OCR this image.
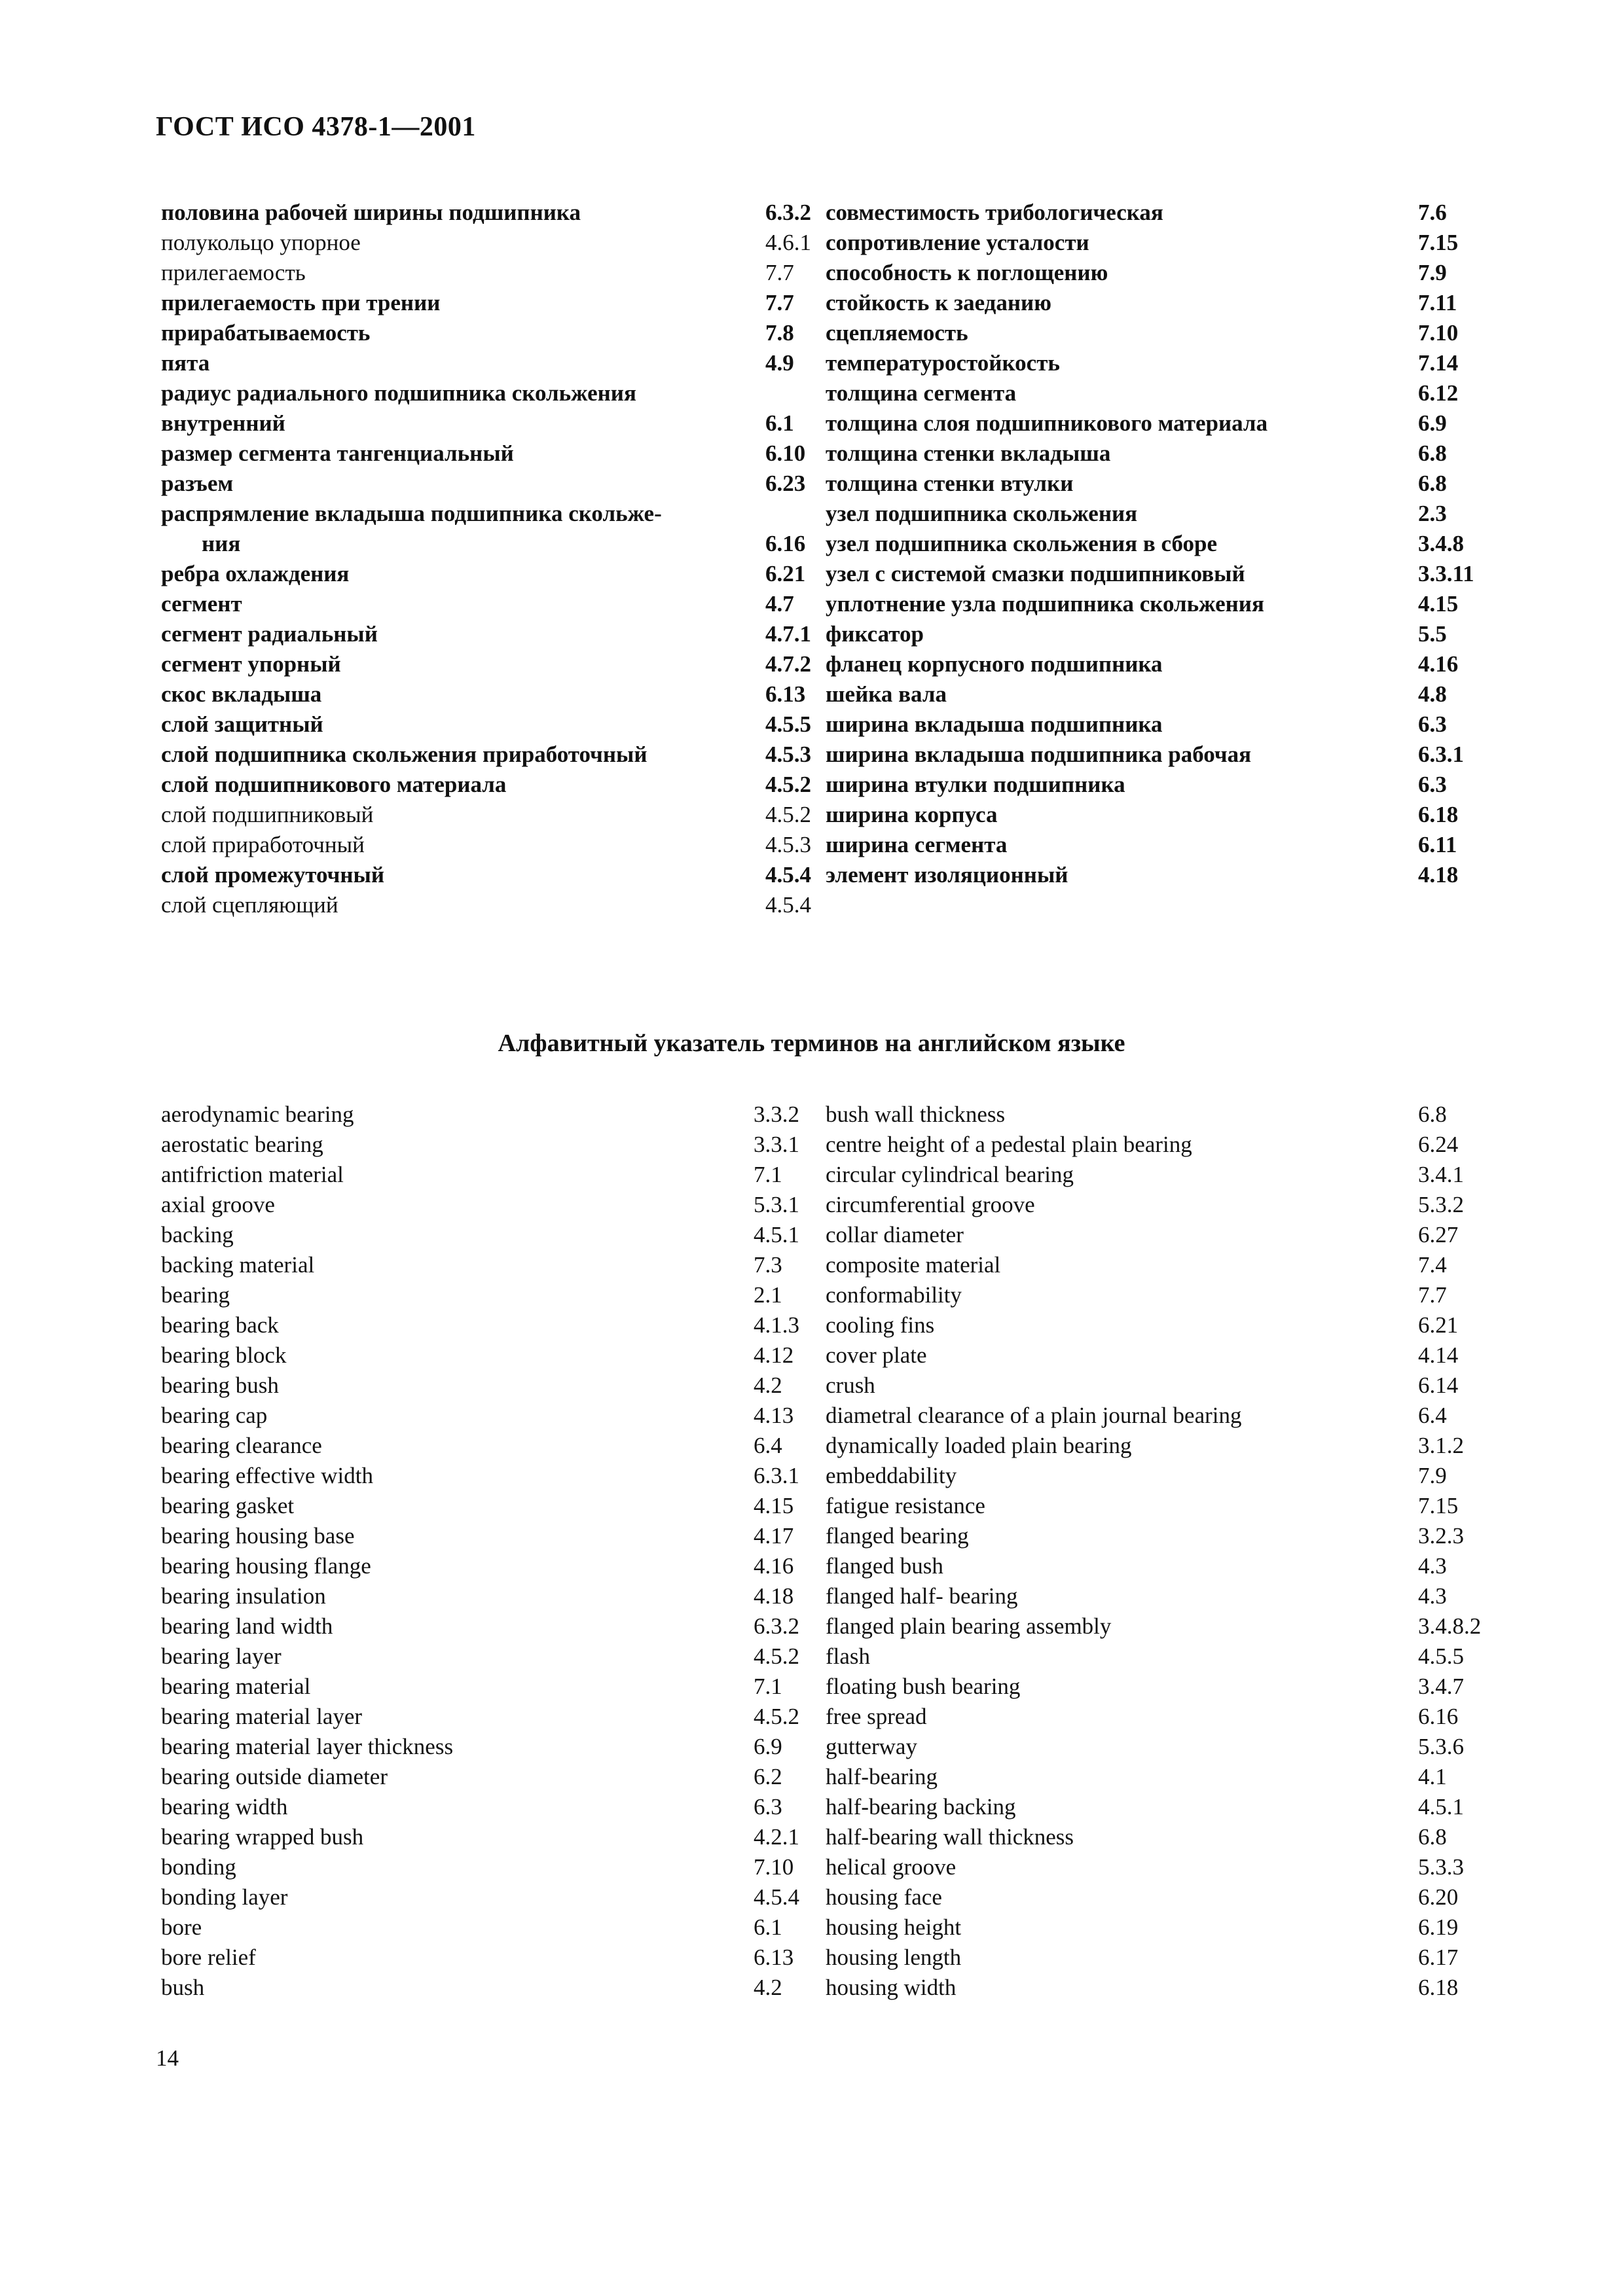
ГОСТ ИСО 4378-1—2001
половина рабочей ширины подшипника	6.3.2
полукольцо упорное	4.6.1
прилегаемость	7.7
прилегаемость при трении	7.7
прирабатываемость	7.8
пята	4.9
радиус радиального подшипника скольжения
внутренний	6.1
размер сегмента тангенциальный	6.10
разъем	6.23
распрямление вкладыша подшипника скольже-
ния	6.16
ребра охлаждения	6.21
сегмент	4.7
сегмент радиальный	4.7.1
сегмент упорный	4.7.2
скос вкладыша	6.13
слой защитный	4.5.5
слой подшипника скольжения приработочный	4.5.3
слой подшипникового материала	4.5.2
слой подшипниковый	4.5.2
слой приработочный	4.5.3
слой промежуточный	4.5.4
слой сцепляющий	4.5.4
совместимость трибологическая	7.6
сопротивление усталости	7.15
способность к поглощению	7.9
стойкость к заеданию	7.11
сцепляемость	7.10
температуростойкость	7.14
толщина сегмента	6.12
толщина слоя подшипникового материала	6.9
толщина стенки вкладыша	6.8
толщина стенки втулки	6.8
узел подшипника скольжения	2.3
узел подшипника скольжения в сборе	3.4.8
узел с системой смазки подшипниковый	3.3.11
уплотнение узла подшипника скольжения	4.15
фиксатор	5.5
фланец корпусного подшипника	4.16
шейка вала	4.8
ширина вкладыша подшипника	6.3
ширина вкладыша подшипника рабочая	6.3.1
ширина втулки подшипника	6.3
ширина корпуса	6.18
ширина сегмента	6.11
элемент изоляционный	4.18
Алфавитный указатель терминов на английском языке
aerodynamic bearing	3.3.2
aerostatic bearing	3.3.1
antifriction material	7.1
axial groove	5.3.1
backing	4.5.1
backing material	7.3
bearing	2.1
bearing back	4.1.3
bearing block	4.12
bearing bush	4.2
bearing cap	4.13
bearing clearance	6.4
bearing effective width	6.3.1
bearing gasket	4.15
bearing housing base	4.17
bearing housing flange	4.16
bearing insulation	4.18
bearing land width	6.3.2
bearing layer	4.5.2
bearing material	7.1
bearing material layer	4.5.2
bearing material layer thickness	6.9
bearing outside diameter	6.2
bearing width	6.3
bearing wrapped bush	4.2.1
bonding	7.10
bonding layer	4.5.4
bore	6.1
bore relief	6.13
bush	4.2
bush wall thickness	6.8
centre height of a pedestal plain bearing	6.24
circular cylindrical bearing	3.4.1
circumferential groove	5.3.2
collar diameter	6.27
composite material	7.4
conformability	7.7
cooling fins	6.21
cover plate	4.14
crush	6.14
diametral clearance of a plain journal bearing	6.4
dynamically loaded plain bearing	3.1.2
embeddability	7.9
fatigue resistance	7.15
flanged bearing	3.2.3
flanged bush	4.3
flanged half- bearing	4.3
flanged plain bearing assembly	3.4.8.2
flash	4.5.5
floating bush bearing	3.4.7
free spread	6.16
gutterway	5.3.6
half-bearing	4.1
half-bearing backing	4.5.1
half-bearing wall thickness	6.8
helical groove	5.3.3
housing face	6.20
housing height	6.19
housing length	6.17
housing width	6.18
14
